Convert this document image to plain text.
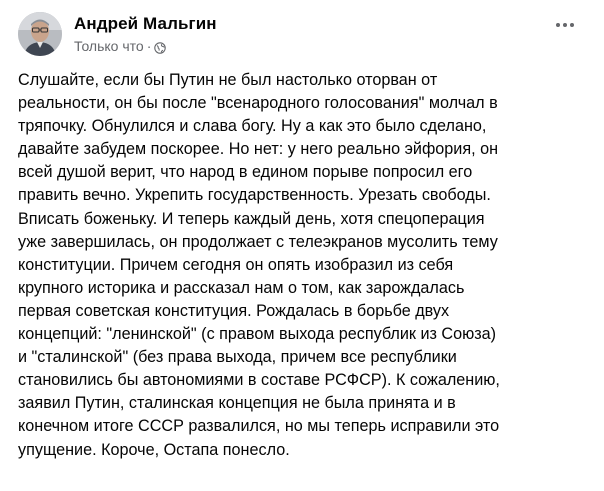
Андрей Мальгин
Только что ·
Слушайте, если бы Путин не был настолько оторван от
реальности, он бы после "всенародного голосования" молчал в
тряпочку. Обнулился и слава богу. Ну а как это было сделано,
давайте забудем поскорее. Но нет: у него реально эйфория, он
всей душой верит, что народ в едином порыве попросил его
править вечно. Укрепить государственность. Урезать свободы.
Вписать боженьку. И теперь каждый день, хотя спецоперация
уже завершилась, он продолжает с телеэкранов мусолить тему
конституции. Причем сегодня он опять изобразил из себя
крупного историка и рассказал нам о том, как зарождалась
первая советская конституция. Рождалась в борьбе двух
концепций: "ленинской" (с правом выхода республик из Союза)
и "сталинской" (без права выхода, причем все республики
становились бы автономиями в составе РСФСР). К сожалению,
заявил Путин, сталинская концепция не была принята и в
конечном итоге СССР развалился, но мы теперь исправили это
упущение. Короче, Остапа понесло.
